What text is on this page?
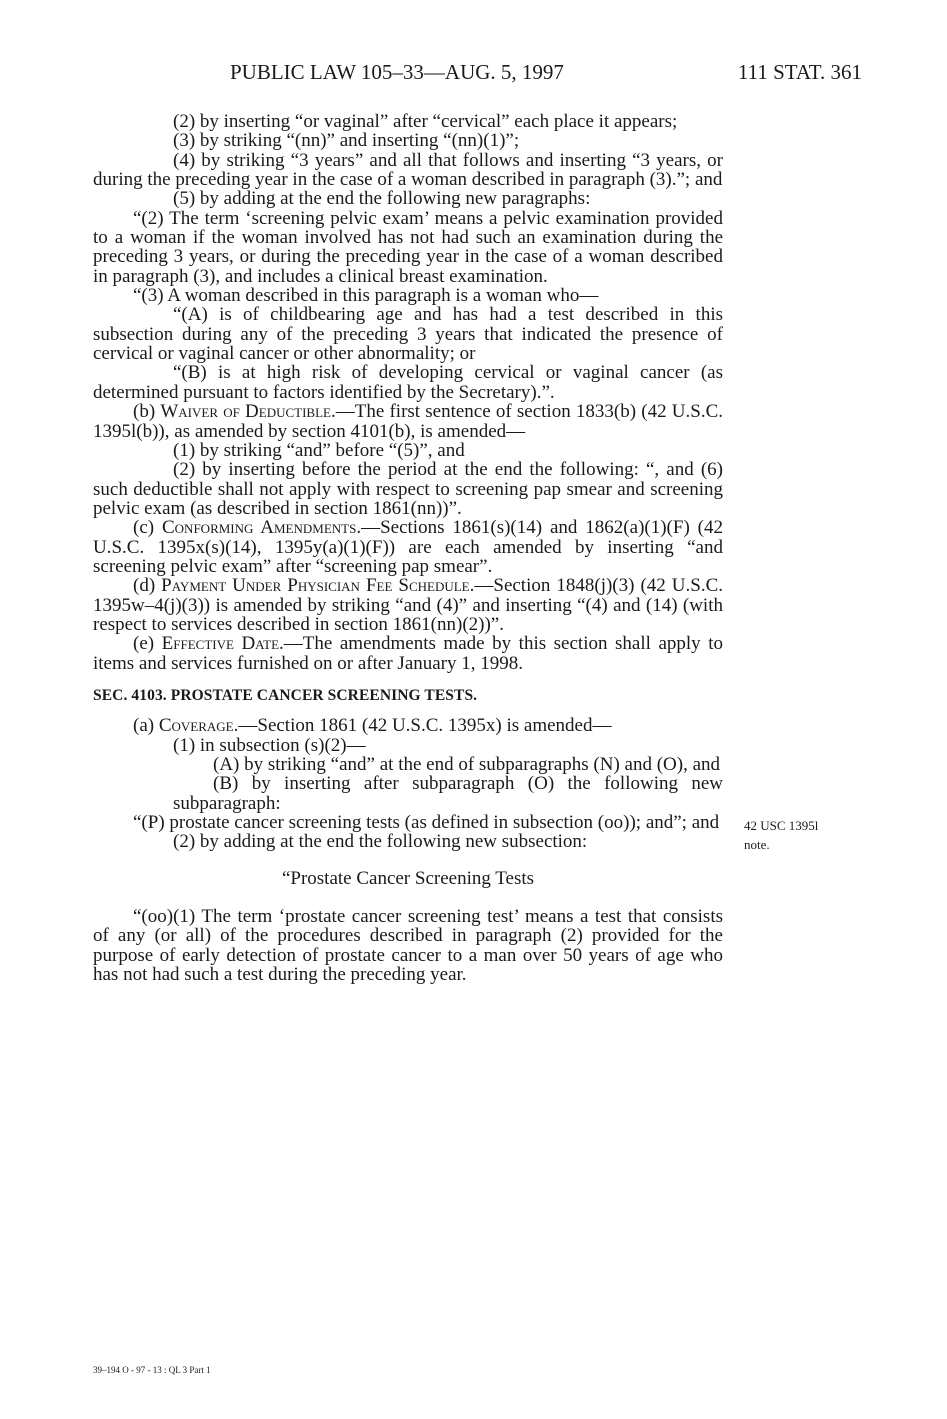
PUBLIC LAW 105–33—AUG. 5, 1997	111 STAT. 361

(2) by inserting “or vaginal” after “cervical” each place it appears;

(3) by striking “(nn)” and inserting “(nn)(1)”;

(4) by striking “3 years” and all that follows and inserting “3 years, or during the preceding year in the case of a woman described in paragraph (3).”; and

(5) by adding at the end the following new paragraphs:

“(2) The term ‘screening pelvic exam’ means a pelvic examination provided to a woman if the woman involved has not had such an examination during the preceding 3 years, or during the preceding year in the case of a woman described in paragraph (3), and includes a clinical breast examination.

“(3) A woman described in this paragraph is a woman who—

“(A) is of childbearing age and has had a test described in this subsection during any of the preceding 3 years that indicated the presence of cervical or vaginal cancer or other abnormality; or

“(B) is at high risk of developing cervical or vaginal cancer (as determined pursuant to factors identified by the Secretary).”.

(b) Waiver of Deductible.—The first sentence of section 1833(b) (42 U.S.C. 1395l(b)), as amended by section 4101(b), is amended—

(1) by striking “and” before “(5)”, and

(2) by inserting before the period at the end the following: “, and (6) such deductible shall not apply with respect to screening pap smear and screening pelvic exam (as described in section 1861(nn))”.

(c) Conforming Amendments.—Sections 1861(s)(14) and 1862(a)(1)(F) (42 U.S.C. 1395x(s)(14), 1395y(a)(1)(F)) are each amended by inserting “and screening pelvic exam” after “screening pap smear”.

(d) Payment Under Physician Fee Schedule.—Section 1848(j)(3) (42 U.S.C. 1395w–4(j)(3)) is amended by striking “and (4)” and inserting “(4) and (14) (with respect to services described in section 1861(nn)(2))”.

(e) Effective Date.—The amendments made by this section shall apply to items and services furnished on or after January 1, 1998.

SEC. 4103. PROSTATE CANCER SCREENING TESTS.

(a) Coverage.—Section 1861 (42 U.S.C. 1395x) is amended—

(1) in subsection (s)(2)—

(A) by striking “and” at the end of subparagraphs (N) and (O), and

(B) by inserting after subparagraph (O) the following new subparagraph:

“(P) prostate cancer screening tests (as defined in subsection (oo)); and”; and

(2) by adding at the end the following new subsection:

“Prostate Cancer Screening Tests

“(oo)(1) The term ‘prostate cancer screening test’ means a test that consists of any (or all) of the procedures described in paragraph (2) provided for the purpose of early detection of prostate cancer to a man over 50 years of age who has not had such a test during the preceding year.

42 USC 1395l
note.
39–194 O - 97 - 13 : QL 3 Part 1
